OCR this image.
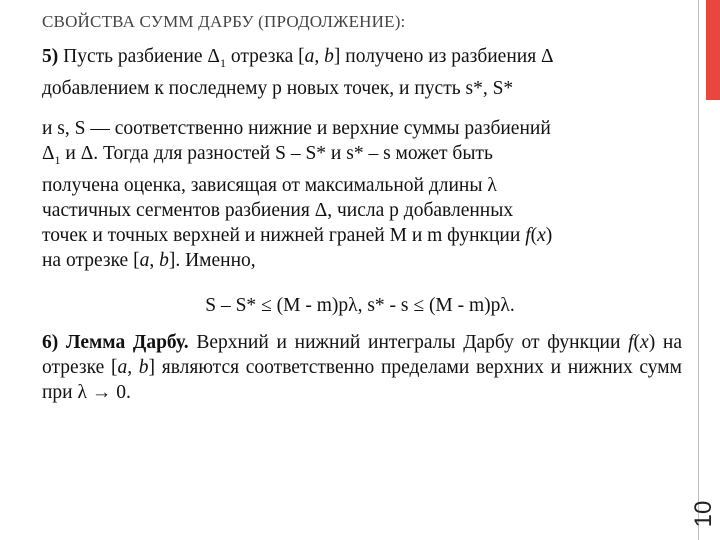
СВОЙСТВА СУММ ДАРБУ (ПРОДОЛЖЕНИЕ):
10
5) Пусть разбиение $\Delta_1$ отрезка [a, b] получено из разбиения Δ
добавлением к последнему p новых точек, и пусть s*, S*
и s, S — соответственно нижние и верхние суммы разбиений
$\Delta_1$ и Δ. Тогда для разностей S – S* и s* – s может быть
получена оценка, зависящая от максимальной длины λ
частичных сегментов разбиения Δ, числа p добавленных
точек и точных верхней и нижней граней M и m функции f(x)
на отрезке [a, b]. Именно,
S – S* ≤ (M - m)pλ, s* - s ≤ (M - m)pλ.
6) Лемма Дарбу. Верхний и нижний интегралы Дарбу от функции f(x) на отрезке [a, b] являются соответственно пределами верхних и нижних сумм при λ → 0.
